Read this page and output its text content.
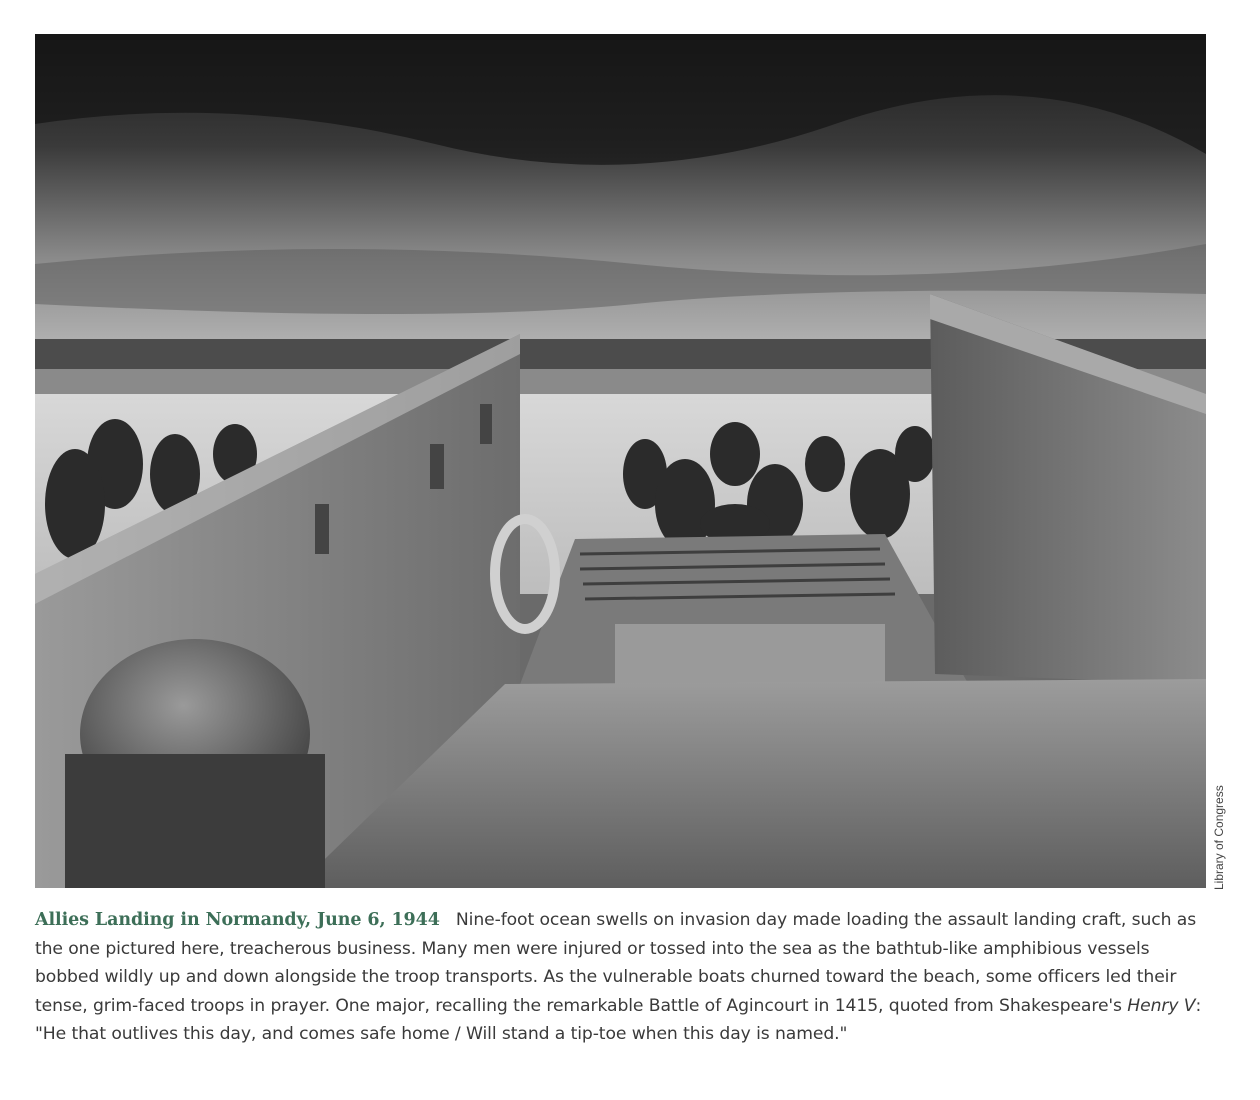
Library of Congress
Allies Landing in Normandy, June 6, 1944 Nine-foot ocean swells on invasion day made loading the assault landing craft, such as the one pictured here, treacherous business. Many men were injured or tossed into the sea as the bathtub-like amphibious vessels bobbed wildly up and down alongside the troop transports. As the vulnerable boats churned toward the beach, some officers led their tense, grim-faced troops in prayer. One major, recalling the remarkable Battle of Agincourt in 1415, quoted from Shakespeare's Henry V: "He that outlives this day, and comes safe home / Will stand a tip-toe when this day is named."
